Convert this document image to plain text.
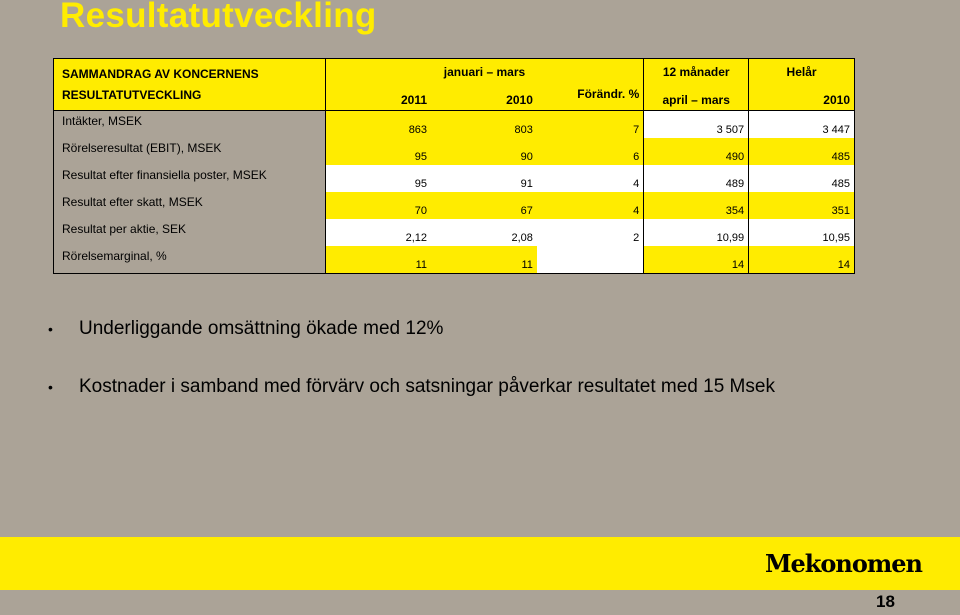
Resultatutveckling
SAMMANDRAG AV KONCERNENS
RESULTATUTVECKLING	januari – mars			12 månader	Helår
	2011	2010	Förändr. %	april – mars	2010
Intäkter, MSEK	863	803	7	3 507	3 447
Rörelseresultat (EBIT), MSEK	95	90	6	490	485
Resultat efter finansiella poster, MSEK	95	91	4	489	485
Resultat efter skatt, MSEK	70	67	4	354	351
Resultat per aktie, SEK	2,12	2,08	2	10,99	10,95
Rörelsemarginal, %	11	11		14	14
• Underliggande omsättning ökade med 12%
• Kostnader i samband med förvärv och satsningar påverkar resultatet med 15 Msek
Mekonomen
18
